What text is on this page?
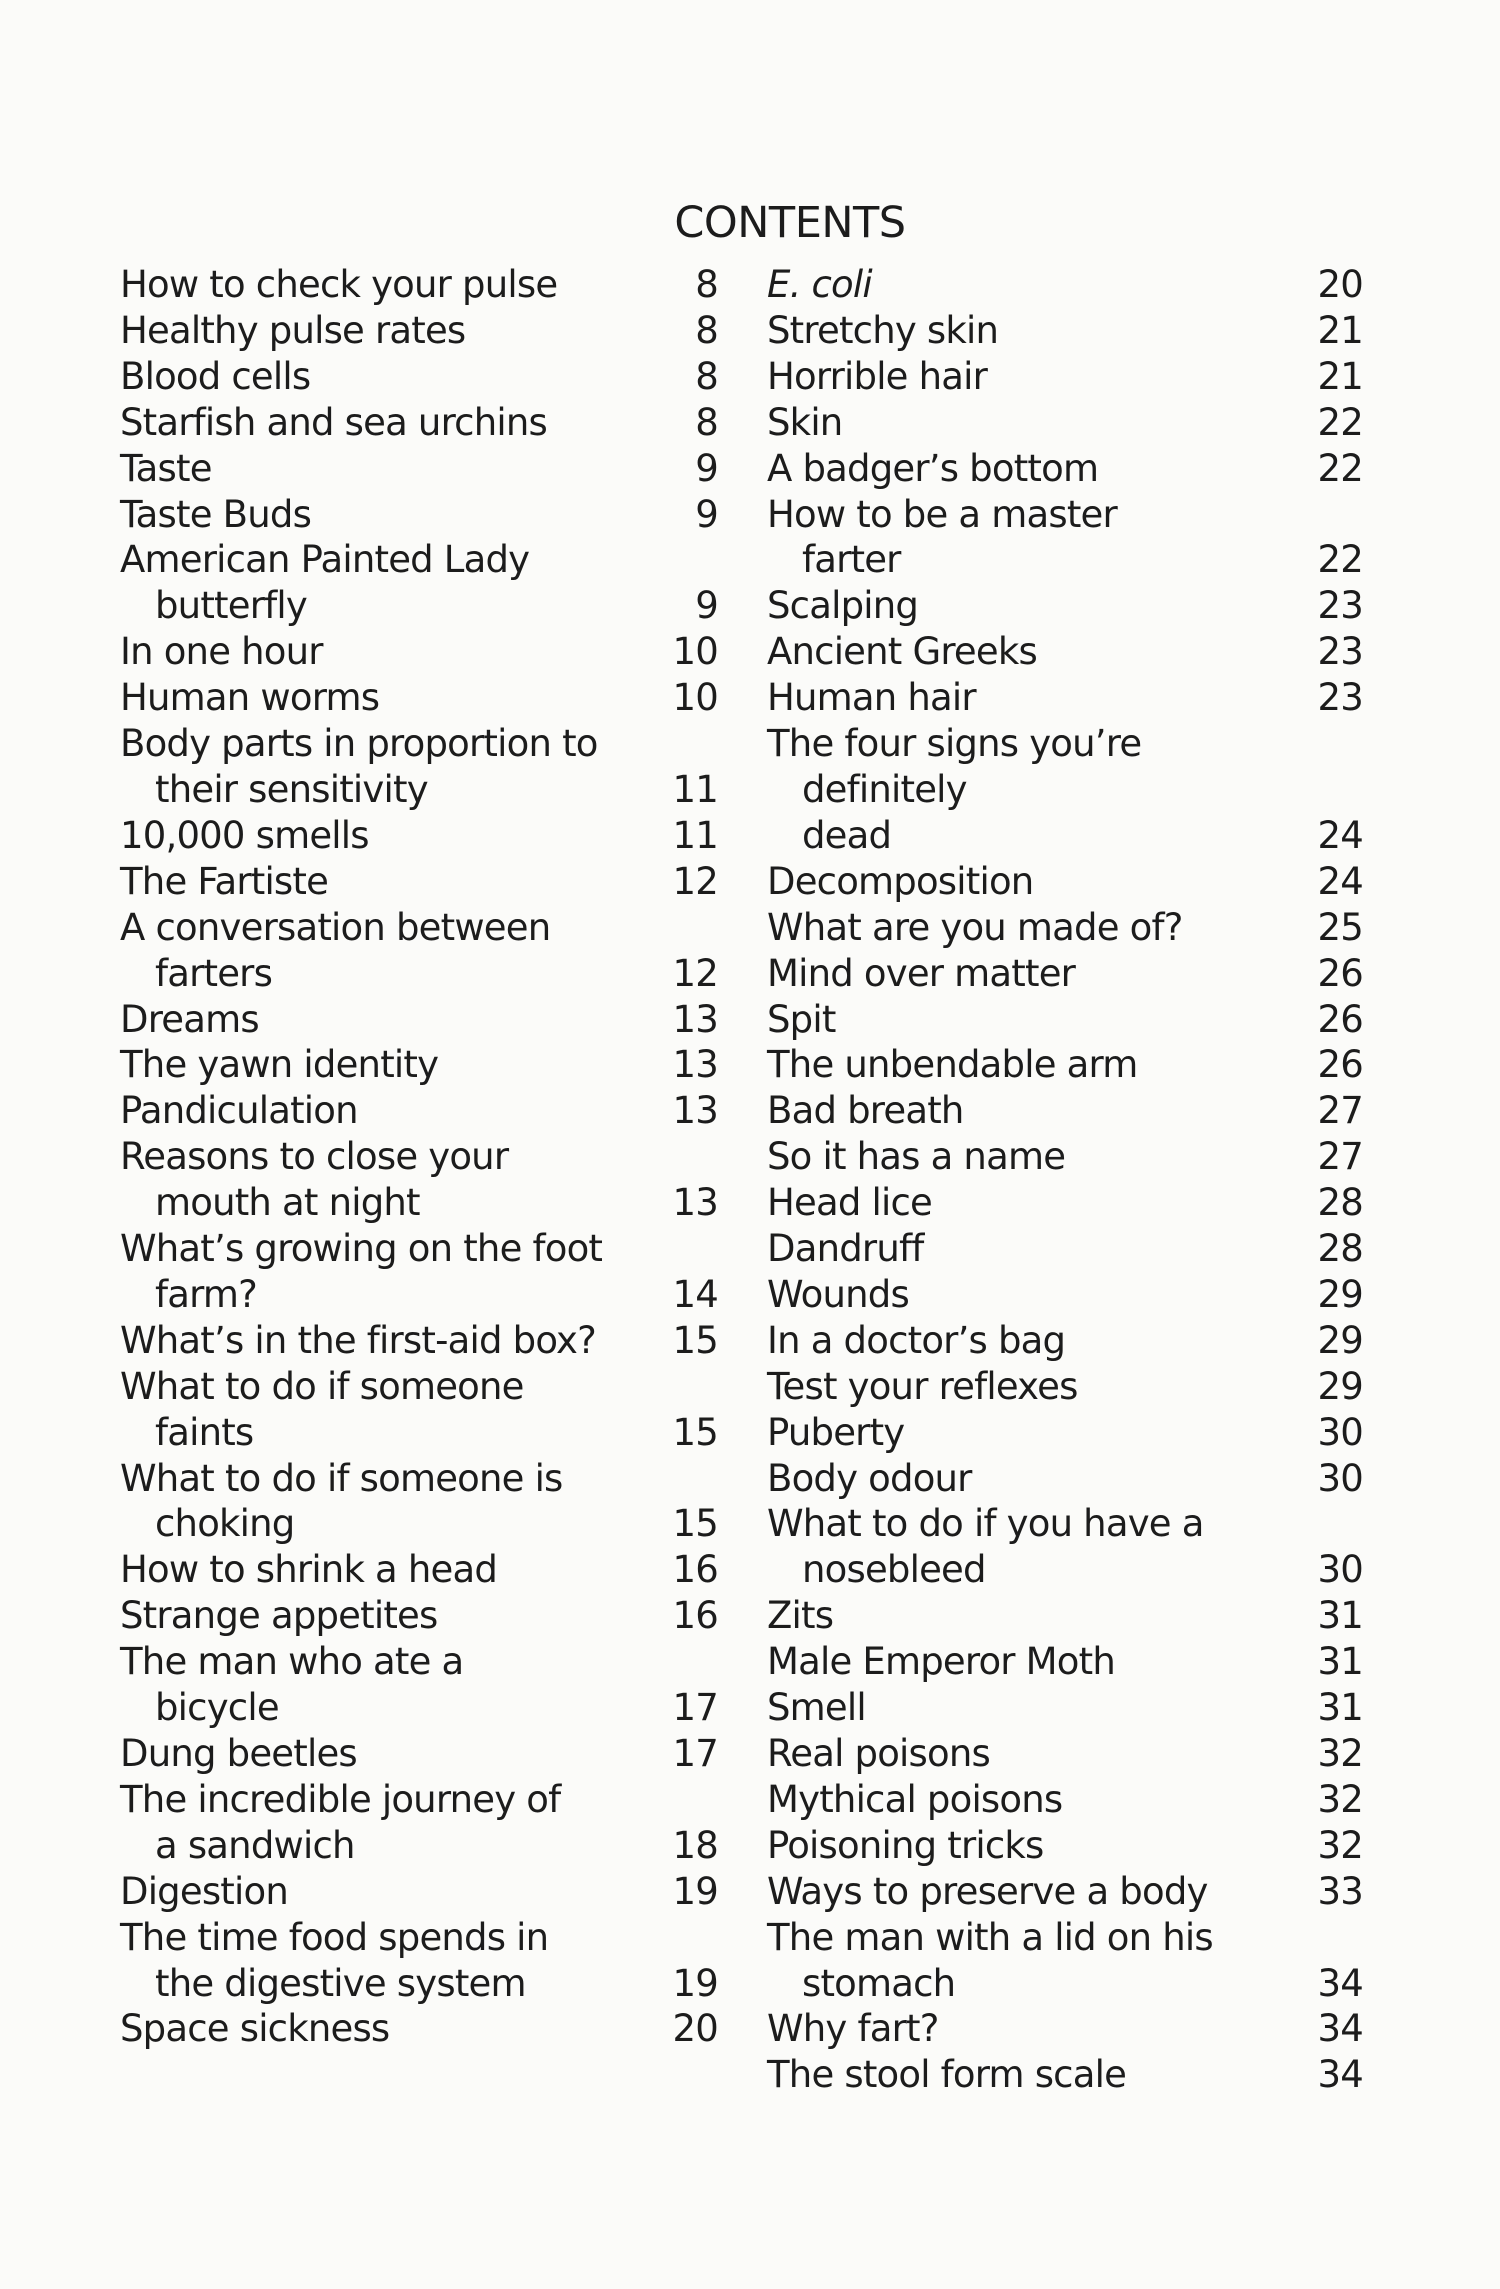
CONTENTS
How to check your pulse	8
Healthy pulse rates	8
Blood cells	8
Starfish and sea urchins	8
Taste	9
Taste Buds	9
American Painted Lady
butterfly	9
In one hour	10
Human worms	10
Body parts in proportion to
their sensitivity	11
10,000 smells	11
The Fartiste	12
A conversation between
farters	12
Dreams	13
The yawn identity	13
Pandiculation	13
Reasons to close your
mouth at night	13
What’s growing on the foot
farm?	14
What’s in the first-aid box?	15
What to do if someone
faints	15
What to do if someone is
choking	15
How to shrink a head	16
Strange appetites	16
The man who ate a
bicycle	17
Dung beetles	17
The incredible journey of
a sandwich	18
Digestion	19
The time food spends in
the digestive system	19
Space sickness	20
E. coli	20
Stretchy skin	21
Horrible hair	21
Skin	22
A badger’s bottom	22
How to be a master
farter	22
Scalping	23
Ancient Greeks	23
Human hair	23
The four signs you’re definitely
dead	24
Decomposition	24
What are you made of?	25
Mind over matter	26
Spit	26
The unbendable arm	26
Bad breath	27
So it has a name	27
Head lice	28
Dandruff	28
Wounds	29
In a doctor’s bag	29
Test your reflexes	29
Puberty	30
Body odour	30
What to do if you have a
nosebleed	30
Zits	31
Male Emperor Moth	31
Smell	31
Real poisons	32
Mythical poisons	32
Poisoning tricks	32
Ways to preserve a body	33
The man with a lid on his
stomach	34
Why fart?	34
The stool form scale	34
